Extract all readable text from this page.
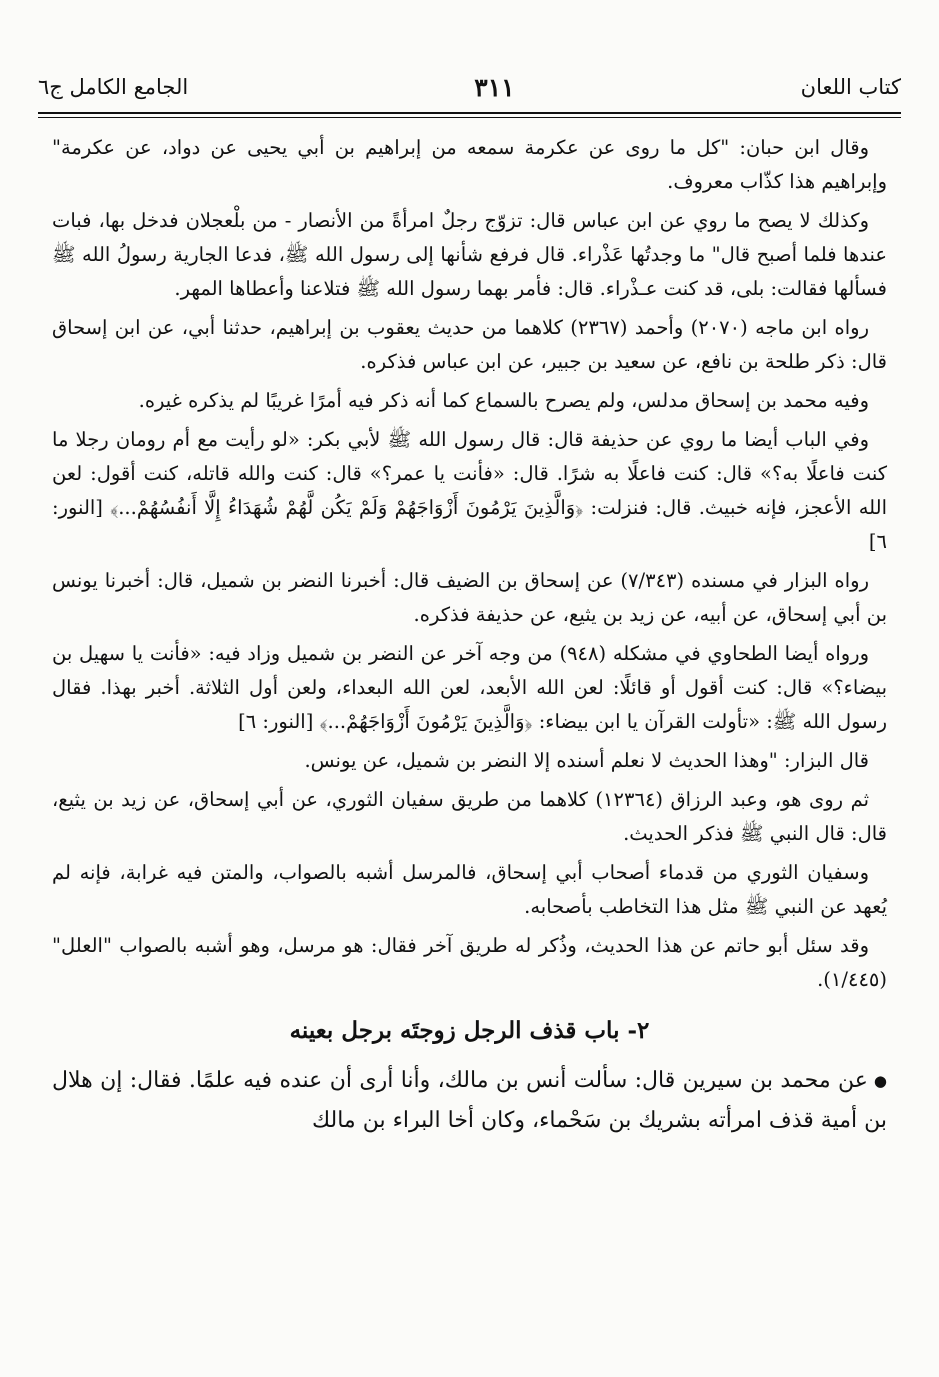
كتاب اللعان
٣١١
الجامع الكامل ج٦

وقال ابن حبان: "كل ما روى عن عكرمة سمعه من إبراهيم بن أبي يحيى عن دواد، عن عكرمة" وإبراهيم هذا كذّاب معروف.

وكذلك لا يصح ما روي عن ابن عباس قال: تزوّج رجلٌ امرأةً من الأنصار - من بلْعجلان فدخل بها، فبات عندها فلما أصبح قال" ما وجدتُها عَذْراء. قال فرفع شأنها إلى رسول الله ﷺ، فدعا الجارية رسولُ الله ﷺ فسألها فقالت: بلى، قد كنت عـذْراء. قال: فأمر بهما رسول الله ﷺ فتلاعنا وأعطاها المهر.

رواه ابن ماجه (٢٠٧٠) وأحمد (٢٣٦٧) كلاهما من حديث يعقوب بن إبراهيم، حدثنا أبي، عن ابن إسحاق قال: ذكر طلحة بن نافع، عن سعيد بن جبير، عن ابن عباس فذكره.

وفيه محمد بن إسحاق مدلس، ولم يصرح بالسماع كما أنه ذكر فيه أمرًا غريبًا لم يذكره غيره.

وفي الباب أيضا ما روي عن حذيفة قال: قال رسول الله ﷺ لأبي بكر: «لو رأيت مع أم رومان رجلا ما كنت فاعلًا به؟» قال: كنت فاعلًا به شرًا. قال: «فأنت يا عمر؟» قال: كنت والله قاتله، كنت أقول: لعن الله الأعجز، فإنه خبيث. قال: فنزلت: ﴿وَالَّذِينَ يَرْمُونَ أَزْوَاجَهُمْ وَلَمْ يَكُن لَّهُمْ شُهَدَاءُ إِلَّا أَنفُسُهُمْ...﴾ [النور: ٦]

رواه البزار في مسنده (٧/٣٤٣) عن إسحاق بن الضيف قال: أخبرنا النضر بن شميل، قال: أخبرنا يونس بن أبي إسحاق، عن أبيه، عن زيد بن يثيع، عن حذيفة فذكره.

ورواه أيضا الطحاوي في مشكله (٩٤٨) من وجه آخر عن النضر بن شميل وزاد فيه: «فأنت يا سهيل بن بيضاء؟» قال: كنت أقول أو قائلًا: لعن الله الأبعد، لعن الله البعداء، ولعن أول الثلاثة. أخبر بهذا. فقال رسول الله ﷺ: «تأولت القرآن يا ابن بيضاء: ﴿وَالَّذِينَ يَرْمُونَ أَزْوَاجَهُمْ...﴾ [النور: ٦]

قال البزار: "وهذا الحديث لا نعلم أسنده إلا النضر بن شميل، عن يونس.

ثم روى هو، وعبد الرزاق (١٢٣٦٤) كلاهما من طريق سفيان الثوري، عن أبي إسحاق، عن زيد بن يثيع، قال: قال النبي ﷺ فذكر الحديث.

وسفيان الثوري من قدماء أصحاب أبي إسحاق، فالمرسل أشبه بالصواب، والمتن فيه غرابة، فإنه لم يُعهد عن النبي ﷺ مثل هذا التخاطب بأصحابه.

وقد سئل أبو حاتم عن هذا الحديث، وذُكر له طريق آخر فقال: هو مرسل، وهو أشبه بالصواب "العلل" (١/٤٤٥).

٢- باب قذف الرجل زوجتَه برجل بعينه

●عن محمد بن سيرين قال: سألت أنس بن مالك، وأنا أرى أن عنده فيه علمًا. فقال: إن هلال بن أمية قذف امرأته بشريك بن سَحْماء، وكان أخا البراء بن مالك
